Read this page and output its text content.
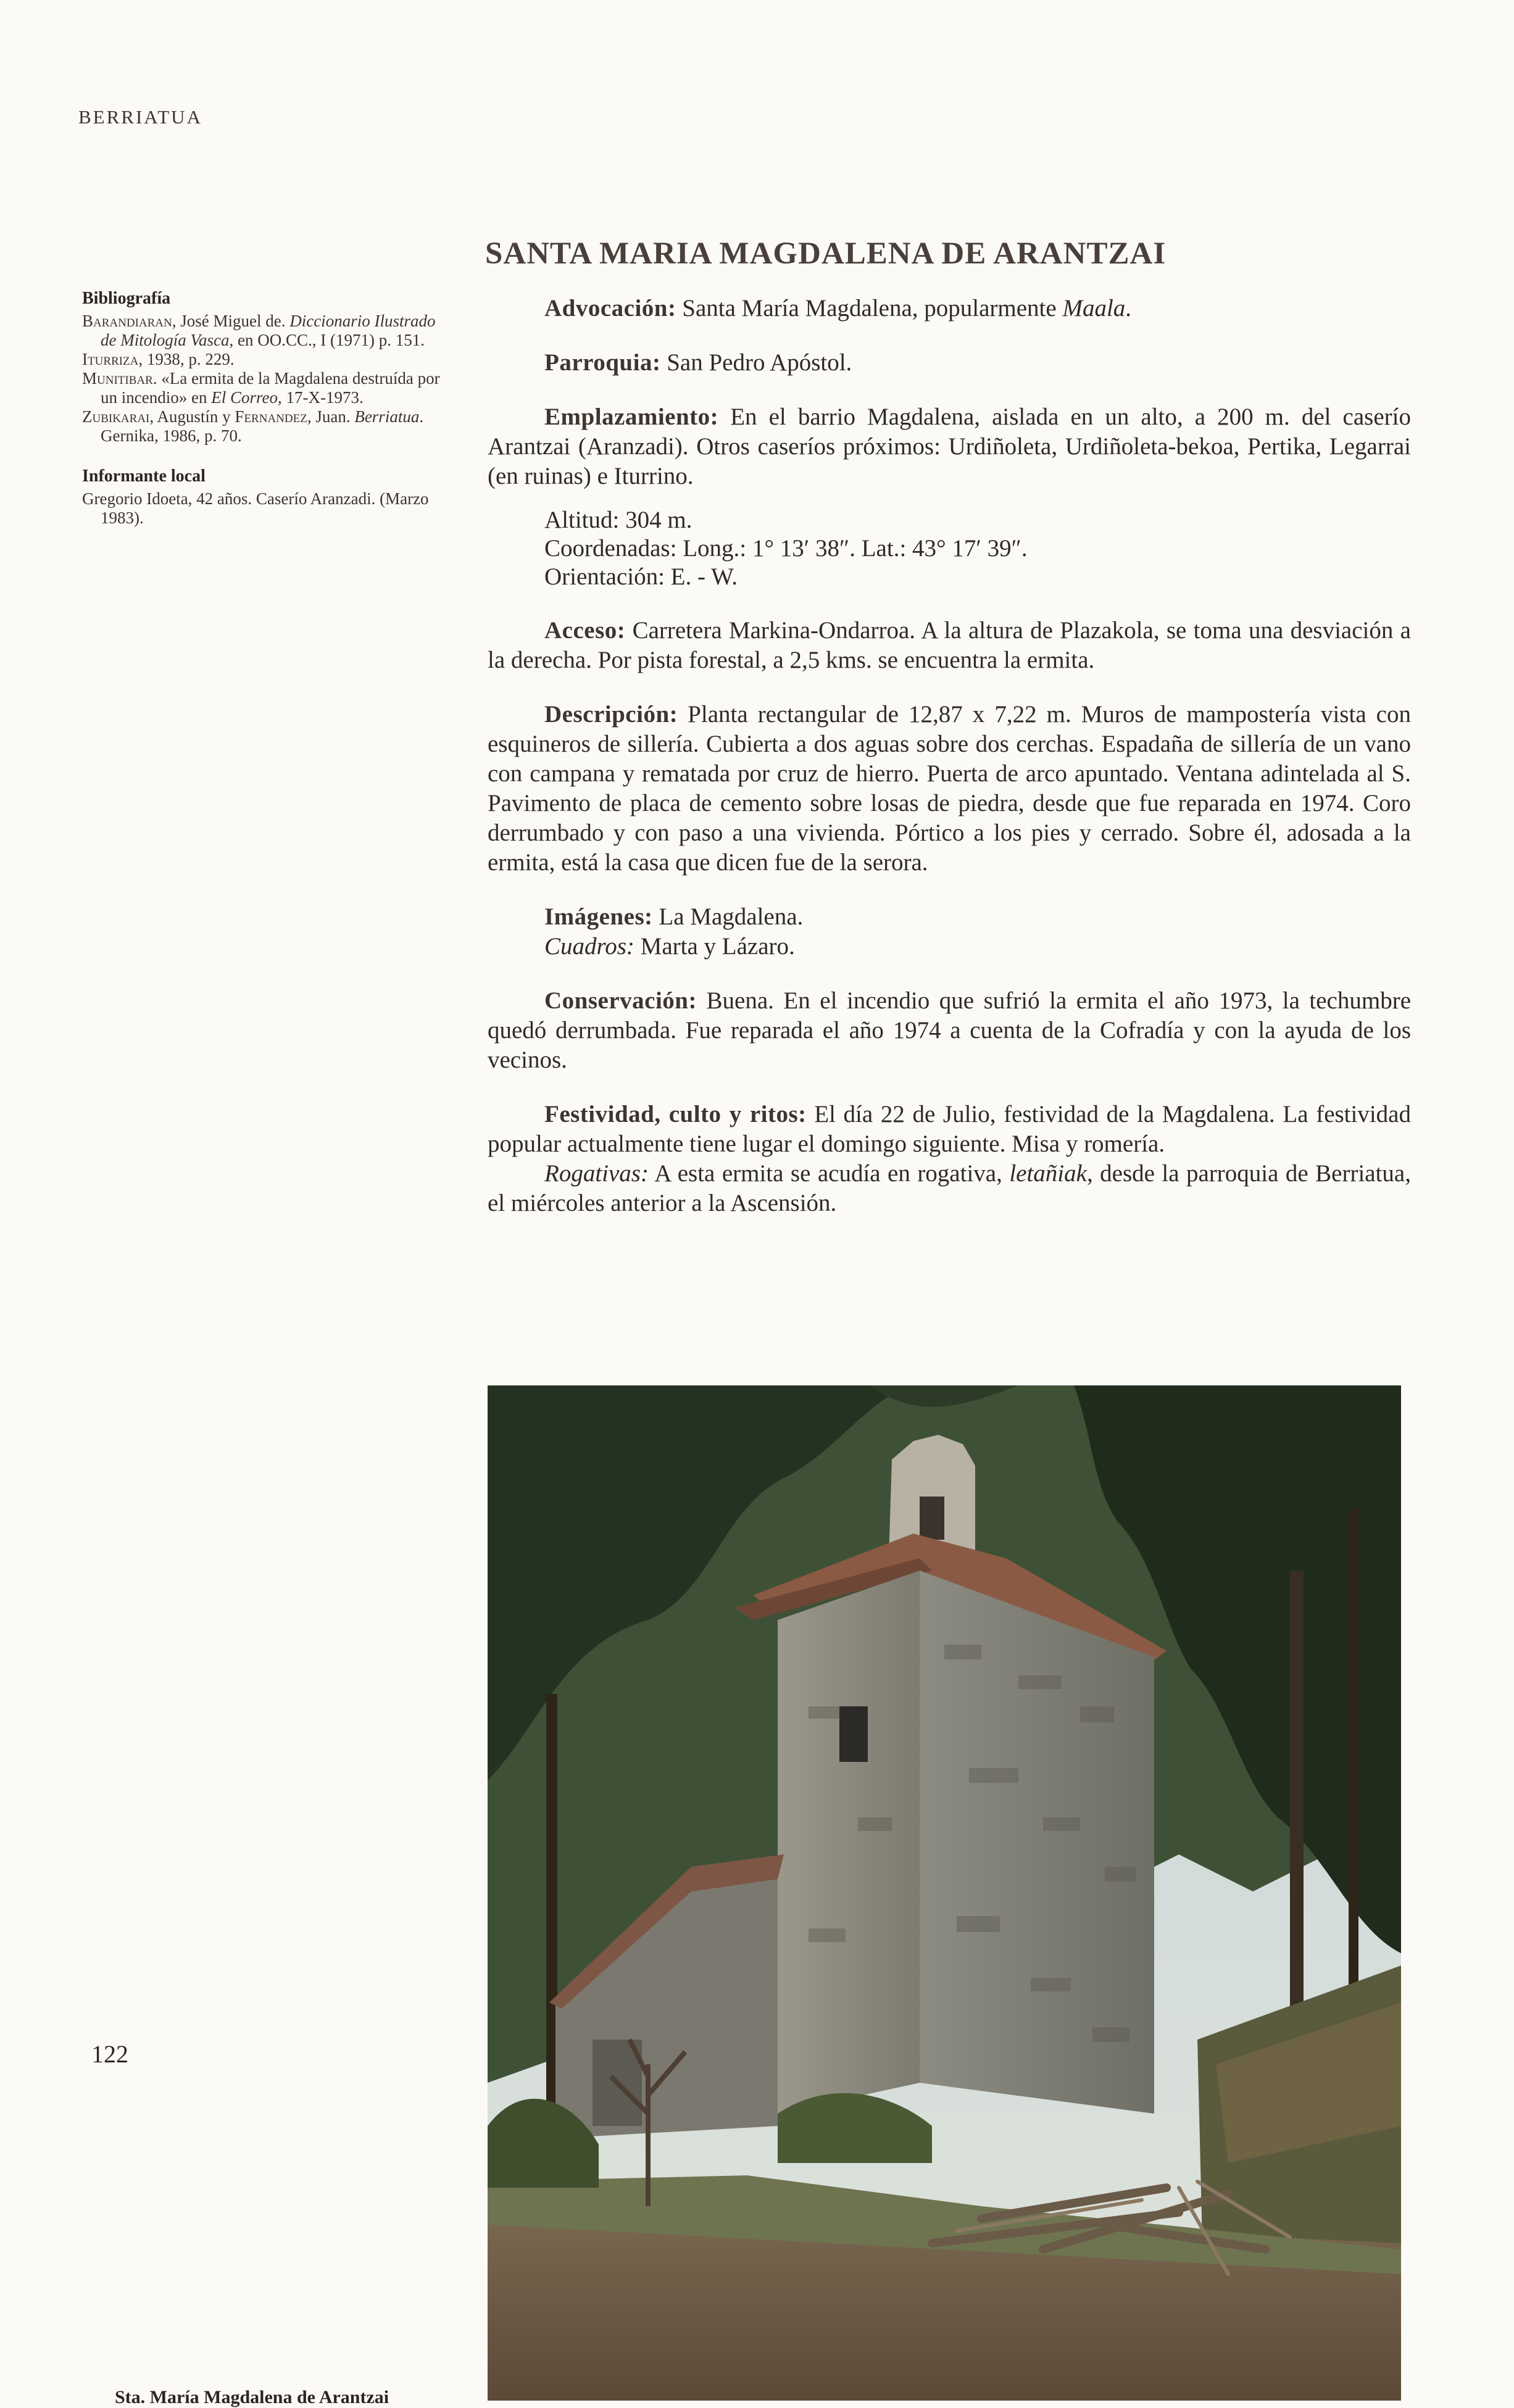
BERRIATUA
SANTA MARIA MAGDALENA DE ARANTZAI
Bibliografía
Barandiaran, José Miguel de. Diccionario Ilustrado de Mitología Vasca, en OO.CC., I (1971) p. 151.
Iturriza, 1938, p. 229.
Munitibar. «La ermita de la Magdalena destruída por un incendio» en El Correo, 17-X-1973.
Zubikarai, Augustín y Fernandez, Juan. Berriatua. Gernika, 1986, p. 70.
Informante local
Gregorio Idoeta, 42 años. Caserío Aranzadi. (Marzo 1983).

Advocación: Santa María Magdalena, popularmente Maala.

Parroquia: San Pedro Apóstol.

Emplazamiento: En el barrio Magdalena, aislada en un alto, a 200 m. del caserío Arantzai (Aranzadi). Otros caseríos próximos: Urdiñoleta, Urdiñoleta-bekoa, Pertika, Legarrai (en ruinas) e Iturrino.

Altitud: 304 m.
Coordenadas: Long.: 1° 13′ 38″. Lat.: 43° 17′ 39″.
Orientación: E. - W.

Acceso: Carretera Markina-Ondarroa. A la altura de Plazakola, se toma una desviación a la derecha. Por pista forestal, a 2,5 kms. se encuentra la ermita.

Descripción: Planta rectangular de 12,87 x 7,22 m. Muros de mampostería vista con esquineros de sillería. Cubierta a dos aguas sobre dos cerchas. Espadaña de sillería de un vano con campana y rematada por cruz de hierro. Puerta de arco apuntado. Ventana adintelada al S. Pavimento de placa de cemento sobre losas de piedra, desde que fue reparada en 1974. Coro derrumbado y con paso a una vivienda. Pórtico a los pies y cerrado. Sobre él, adosada a la ermita, está la casa que dicen fue de la serora.

Imágenes: La Magdalena.

Cuadros: Marta y Lázaro.

Conservación: Buena. En el incendio que sufrió la ermita el año 1973, la techumbre quedó derrumbada. Fue reparada el año 1974 a cuenta de la Cofradía y con la ayuda de los vecinos.

Festividad, culto y ritos: El día 22 de Julio, festividad de la Magdalena. La festividad popular actualmente tiene lugar el domingo siguiente. Misa y romería.

Rogativas: A esta ermita se acudía en rogativa, letañiak, desde la parroquia de Berriatua, el miércoles anterior a la Ascensión.

Sta. María Magdalena de Arantzai
122
